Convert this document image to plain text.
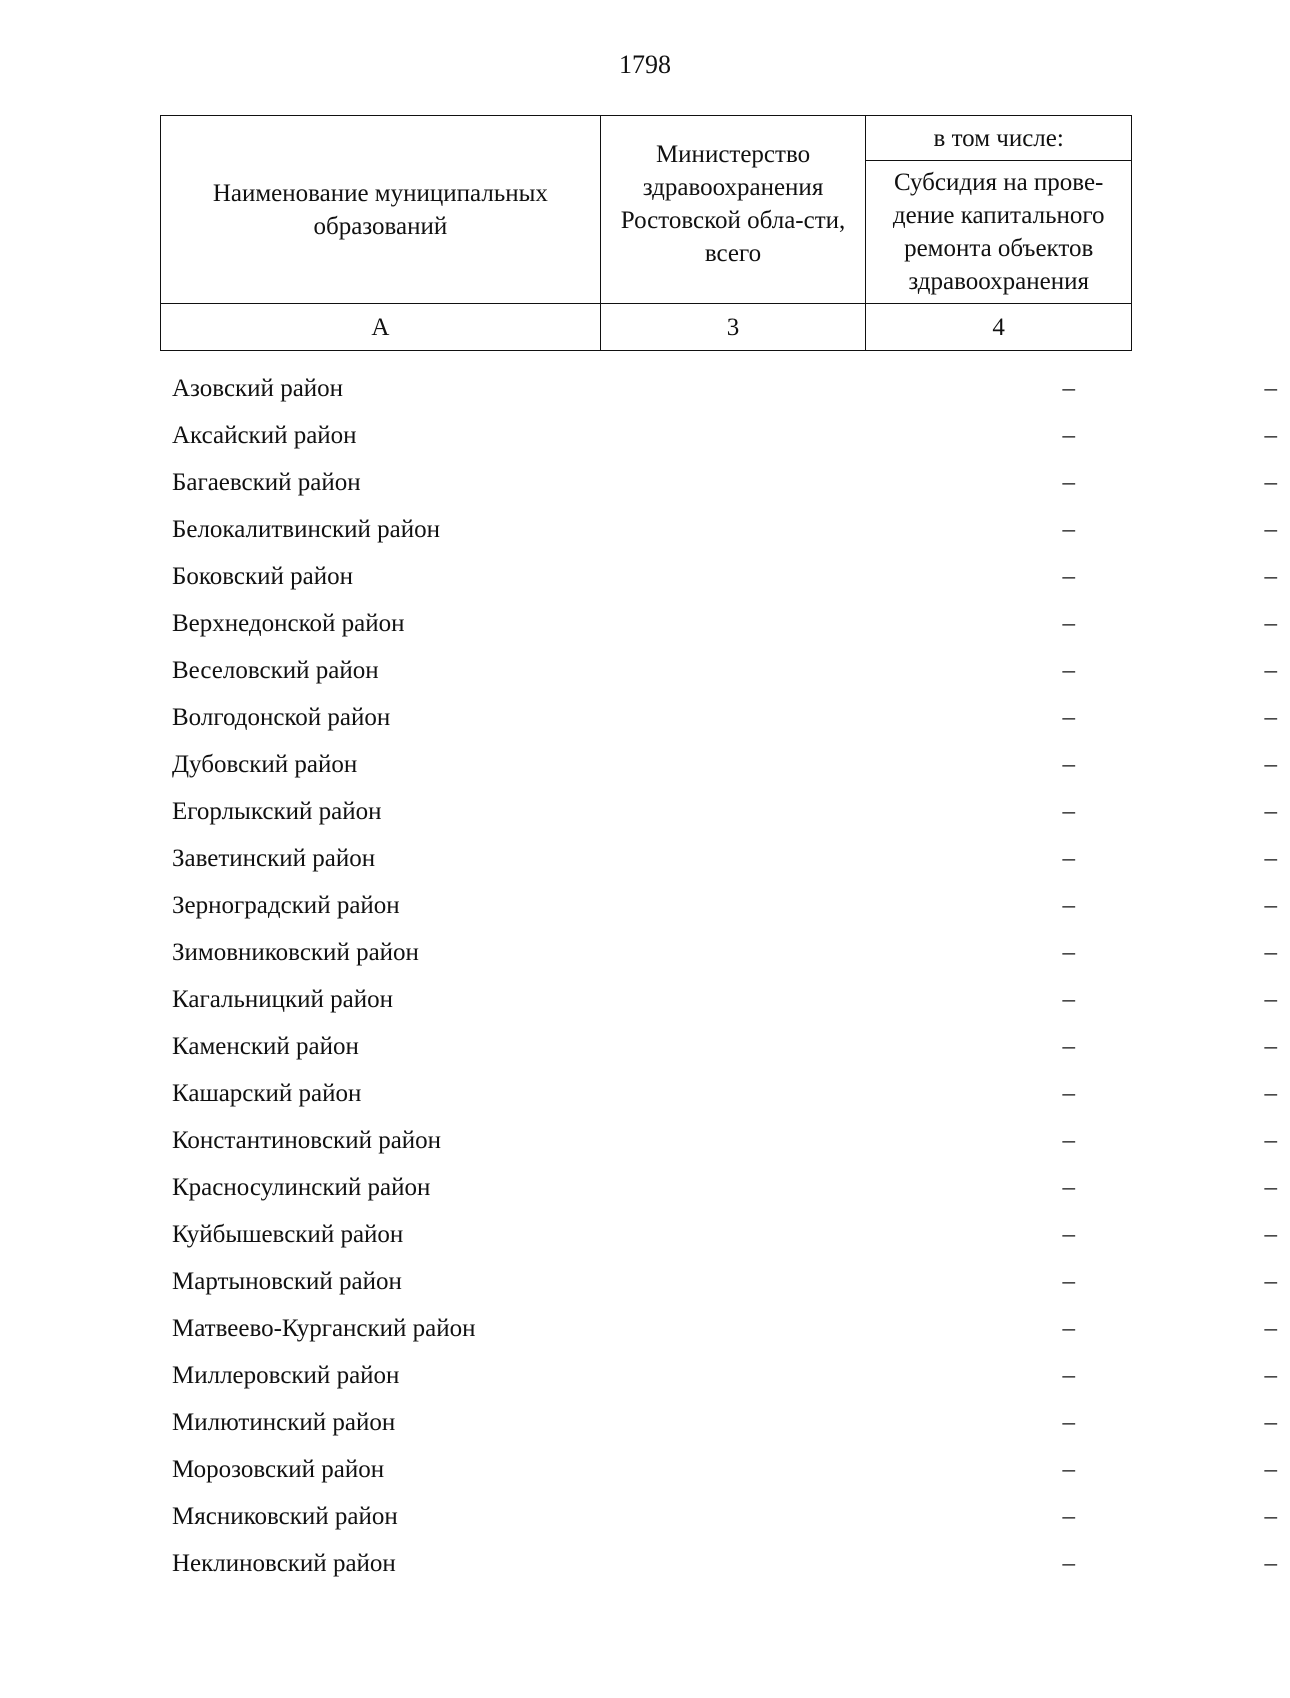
1798
Наименование муниципальных образований	Министерство здравоохранения Ростовской обла-сти, всего	в том числе:
		Субсидия на прове-дение капитального ремонта объектов здравоохранения
А	3	4
Азовский район	–	–
Аксайский район	–	–
Багаевский район	–	–
Белокалитвинский район	–	–
Боковский район	–	–
Верхнедонской район	–	–
Веселовский район	–	–
Волгодонской район	–	–
Дубовский район	–	–
Егорлыкский район	–	–
Заветинский район	–	–
Зерноградский район	–	–
Зимовниковский район	–	–
Кагальницкий район	–	–
Каменский район	–	–
Кашарский район	–	–
Константиновский район	–	–
Красносулинский район	–	–
Куйбышевский район	–	–
Мартыновский район	–	–
Матвеево-Курганский район	–	–
Миллеровский район	–	–
Милютинский район	–	–
Морозовский район	–	–
Мясниковский район	–	–
Неклиновский район	–	–
